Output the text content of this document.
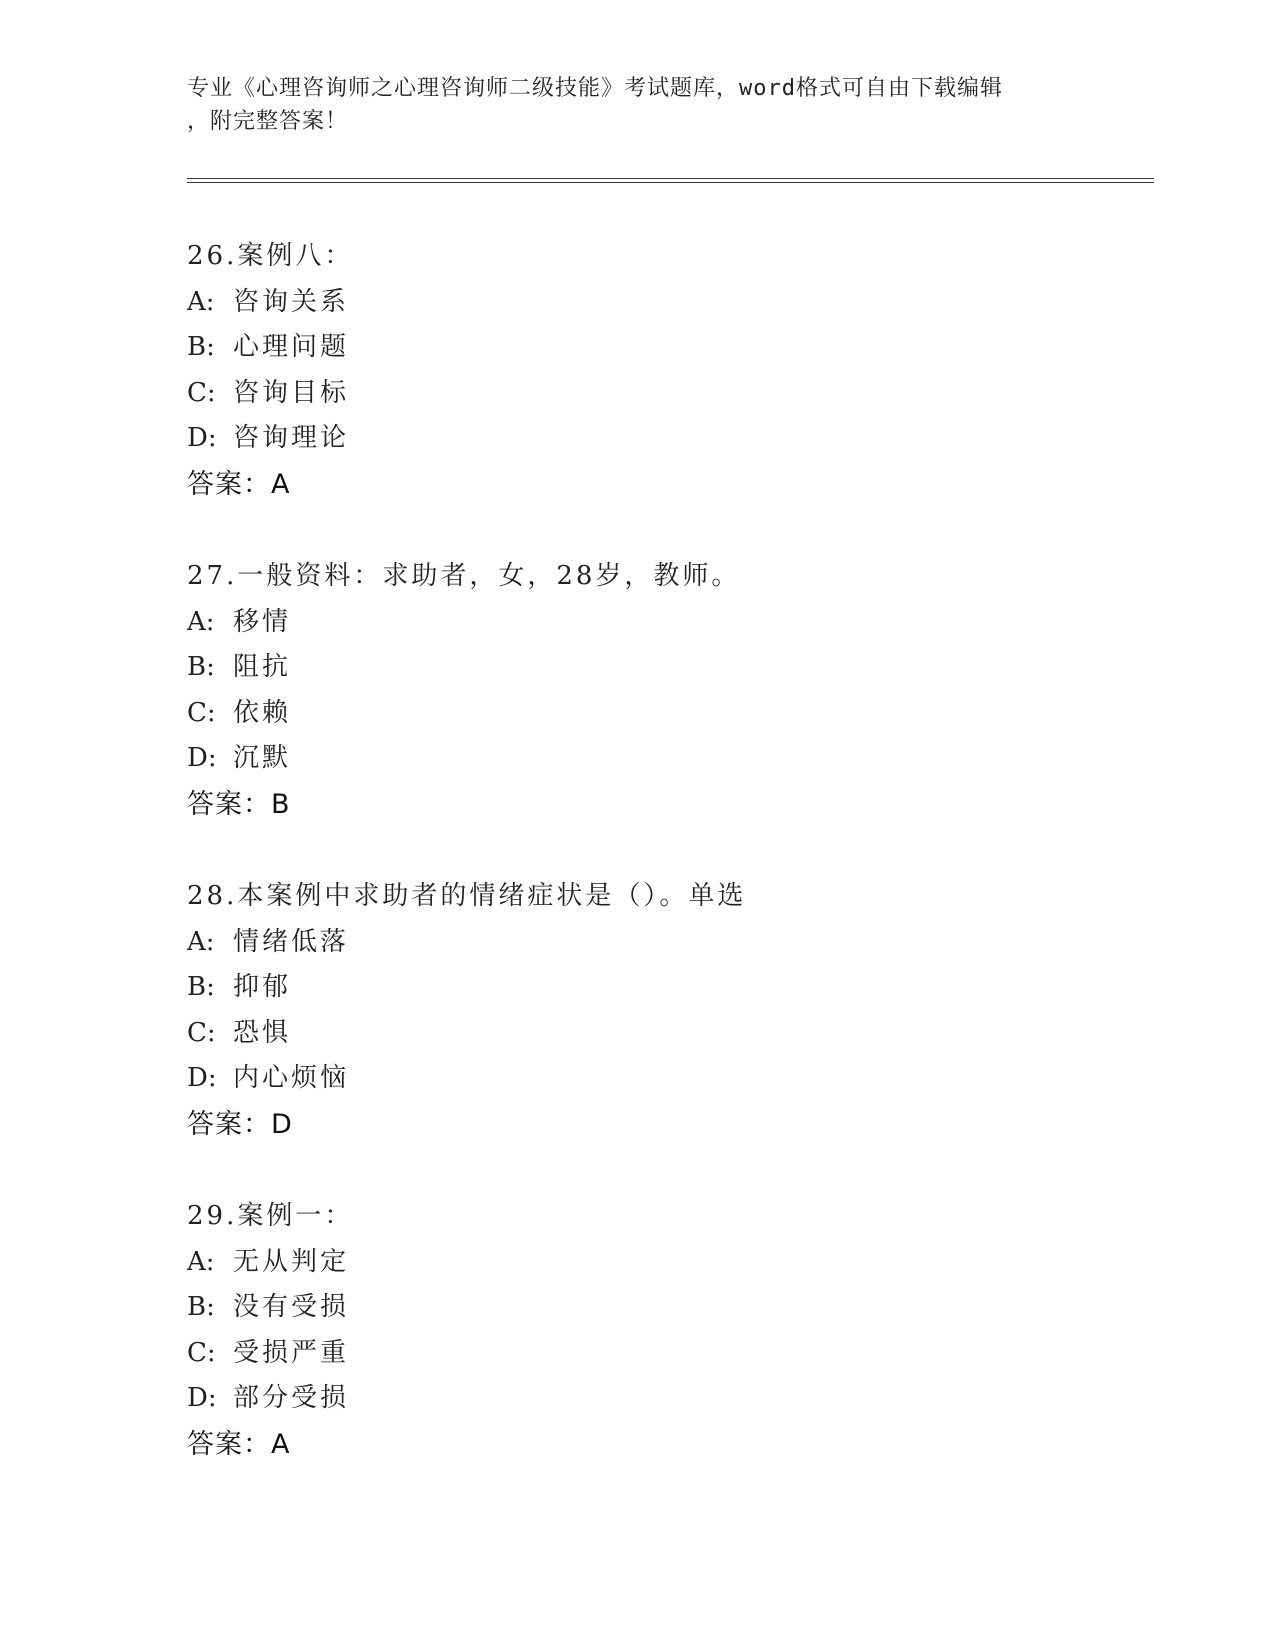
专业《心理咨询师之心理咨询师二级技能》考试题库，word格式可自由下载编辑
，附完整答案！
26.案例八：
A: 咨询关系
B: 心理问题
C: 咨询目标
D: 咨询理论
答案：A
27.一般资料：求助者，女，28岁，教师。
A: 移情
B: 阻抗
C: 依赖
D: 沉默
答案：B
28.本案例中求助者的情绪症状是（）。单选
A: 情绪低落
B: 抑郁
C: 恐惧
D: 内心烦恼
答案：D
29.案例一：
A: 无从判定
B: 没有受损
C: 受损严重
D: 部分受损
答案：A
